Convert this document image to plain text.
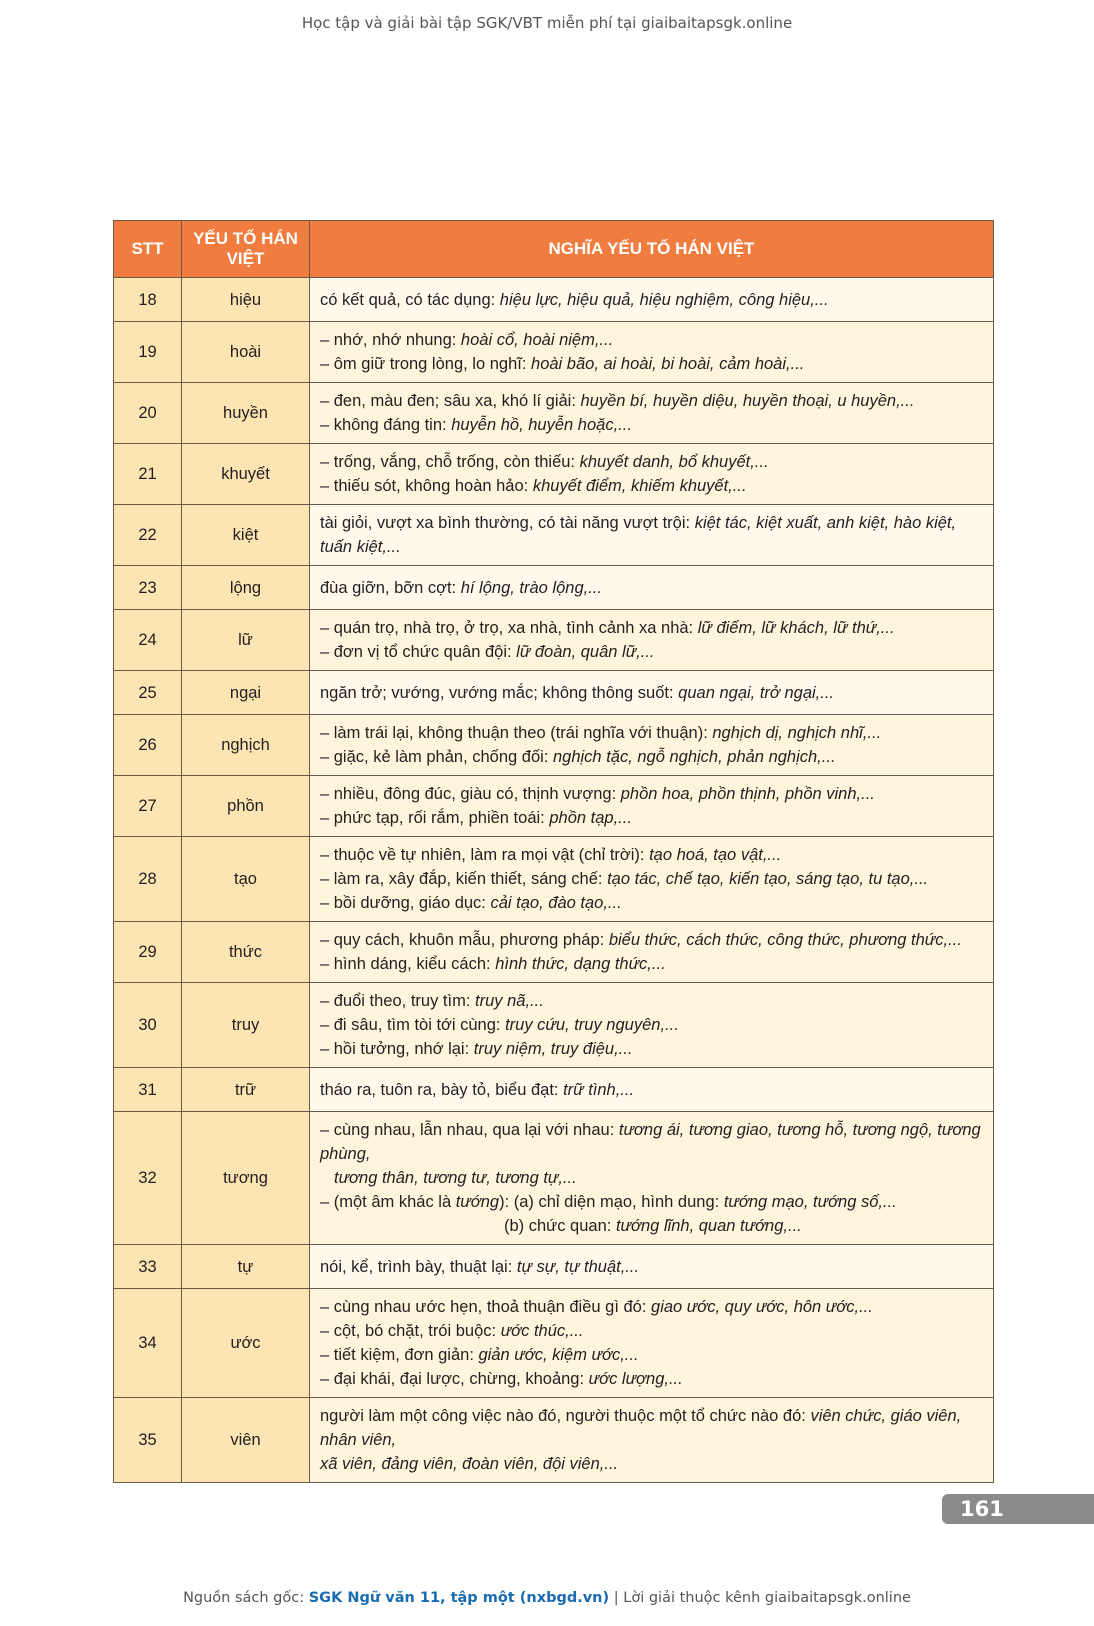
Học tập và giải bài tập SGK/VBT miễn phí tại giaibaitapsgk.online
STT	YẾU TỐ HÁN VIỆT	NGHĨA YẾU TỐ HÁN VIỆT
18	hiệu	có kết quả, có tác dụng: hiệu lực, hiệu quả, hiệu nghiệm, công hiệu,...

19	hoài	– nhớ, nhớ nhung: hoài cổ, hoài niệm,...
– ôm giữ trong lòng, lo nghĩ: hoài bão, ai hoài, bi hoài, cảm hoài,...

20	huyền	– đen, màu đen; sâu xa, khó lí giải: huyền bí, huyền diệu, huyền thoại, u huyền,...
– không đáng tin: huyễn hồ, huyễn hoặc,...

21	khuyết	– trống, vắng, chỗ trống, còn thiếu: khuyết danh, bổ khuyết,...
– thiếu sót, không hoàn hảo: khuyết điểm, khiếm khuyết,...

22	kiệt	tài giỏi, vượt xa bình thường, có tài năng vượt trội: kiệt tác, kiệt xuất, anh kiệt, hào kiệt, tuấn kiệt,...

23	lộng	đùa giỡn, bỡn cợt: hí lộng, trào lộng,...

24	lữ	– quán trọ, nhà trọ, ở trọ, xa nhà, tình cảnh xa nhà: lữ điếm, lữ khách, lữ thứ,...
– đơn vị tổ chức quân đội: lữ đoàn, quân lữ,...

25	ngại	ngăn trở; vướng, vướng mắc; không thông suốt: quan ngại, trở ngại,...

26	nghịch	– làm trái lại, không thuận theo (trái nghĩa với thuận): nghịch dị, nghịch nhĩ,...
– giặc, kẻ làm phản, chống đối: nghịch tặc, ngỗ nghịch, phản nghịch,...

27	phồn	– nhiều, đông đúc, giàu có, thịnh vượng: phồn hoa, phồn thịnh, phồn vinh,...
– phức tạp, rối rắm, phiền toái: phồn tạp,...

28	tạo	– thuộc về tự nhiên, làm ra mọi vật (chỉ trời): tạo hoá, tạo vật,...
– làm ra, xây đắp, kiến thiết, sáng chế: tạo tác, chế tạo, kiến tạo, sáng tạo, tu tạo,...
– bồi dưỡng, giáo dục: cải tạo, đào tạo,...

29	thức	– quy cách, khuôn mẫu, phương pháp: biểu thức, cách thức, công thức, phương thức,...
– hình dáng, kiểu cách: hình thức, dạng thức,...

30	truy	– đuổi theo, truy tìm: truy nã,...
– đi sâu, tìm tòi tới cùng: truy cứu, truy nguyên,...
– hồi tưởng, nhớ lại: truy niệm, truy điệu,...

31	trữ	tháo ra, tuôn ra, bày tỏ, biểu đạt: trữ tình,...

32	tương	– cùng nhau, lẫn nhau, qua lại với nhau: tương ái, tương giao, tương hỗ, tương ngộ, tương phùng,
tương thân, tương tư, tương tự,...
– (một âm khác là tướng): (a) chỉ diện mạo, hình dung: tướng mạo, tướng số,...
(b) chức quan: tướng lĩnh, quan tướng,...

33	tự	nói, kể, trình bày, thuật lại: tự sự, tự thuật,...

34	ước	– cùng nhau ước hẹn, thoả thuận điều gì đó: giao ước, quy ước, hôn ước,...
– cột, bó chặt, trói buộc: ước thúc,...
– tiết kiệm, đơn giản: giản ước, kiệm ước,...
– đại khái, đại lược, chừng, khoảng: ước lượng,...

35	viên	người làm một công việc nào đó, người thuộc một tổ chức nào đó: viên chức, giáo viên, nhân viên,
xã viên, đảng viên, đoàn viên, đội viên,...
161
Nguồn sách gốc: SGK Ngữ văn 11, tập một (nxbgd.vn) | Lời giải thuộc kênh giaibaitapsgk.online
